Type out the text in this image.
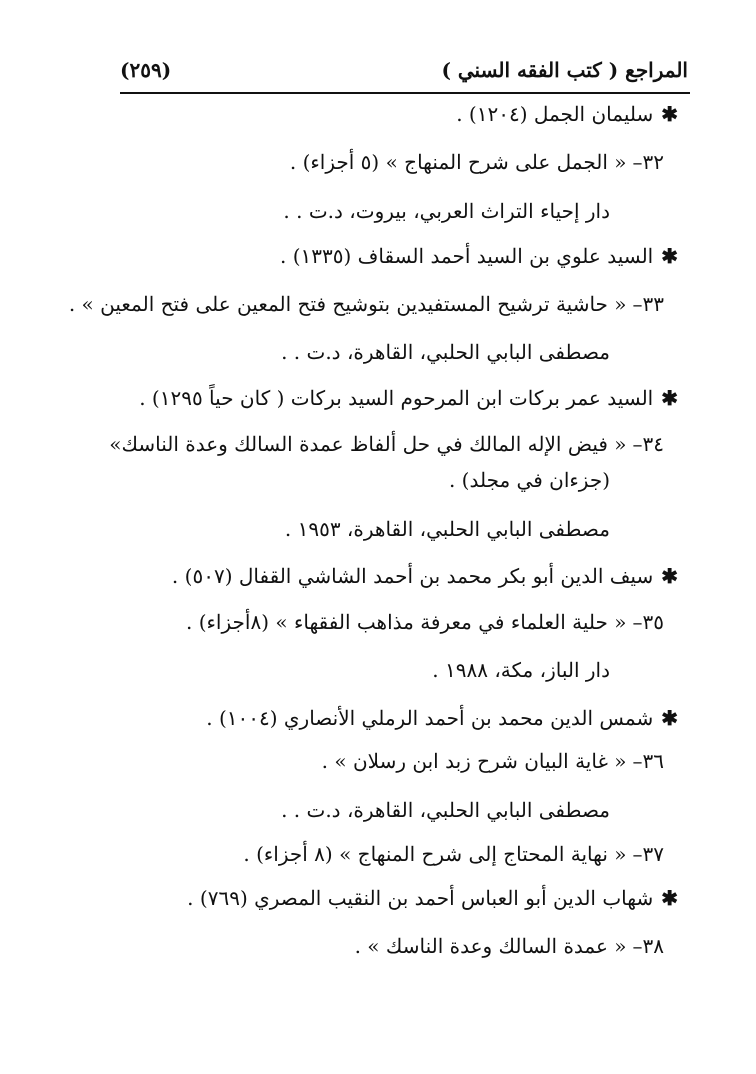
المراجع ( كتب الفقه السني )
(٢٥٩)
✱سليمان الجمل (١٢٠٤) .
٣٢–« الجمل على شرح المنهاج » (٥ أجزاء) .
دار إحياء التراث العربي، بيروت، د.ت . .
✱السيد علوي بن السيد أحمد السقاف (١٣٣٥) .
٣٣–« حاشية ترشيح المستفيدين بتوشيح فتح المعين على فتح المعين » .
مصطفى البابي الحلبي، القاهرة، د.ت . .
✱السيد عمر بركات ابن المرحوم السيد بركات ( كان حياً ١٢٩٥) .
٣٤–« فيض الإله المالك في حل ألفاظ عمدة السالك وعدة الناسك»
(جزءان في مجلد) .
مصطفى البابي الحلبي، القاهرة، ١٩٥٣ .
✱سيف الدين أبو بكر محمد بن أحمد الشاشي القفال (٥٠٧) .
٣٥–« حلية العلماء في معرفة مذاهب الفقهاء » (٨أجزاء) .
دار الباز، مكة، ١٩٨٨ .
✱شمس الدين محمد بن أحمد الرملي الأنصاري (١٠٠٤) .
٣٦–« غاية البيان شرح زبد ابن رسلان » .
مصطفى البابي الحلبي، القاهرة، د.ت . .
٣٧–« نهاية المحتاج إلى شرح المنهاج » (٨ أجزاء) .
✱شهاب الدين أبو العباس أحمد بن النقيب المصري (٧٦٩) .
٣٨–« عمدة السالك وعدة الناسك » .
